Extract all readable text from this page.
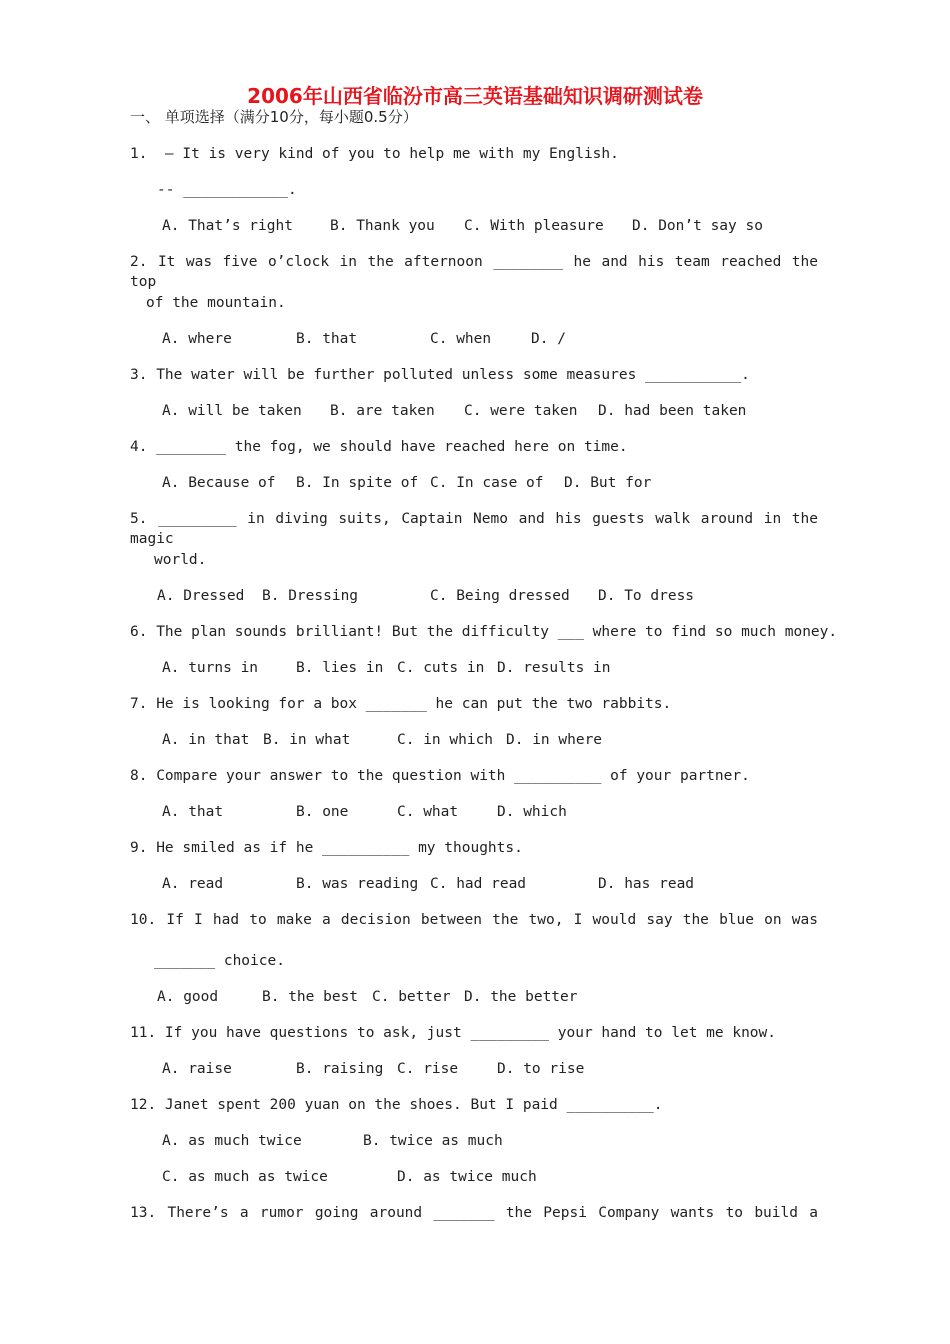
2006年山西省临汾市高三英语基础知识调研测试卷
一、 单项选择（满分10分，每小题0.5分）
1.  – It is very kind of you to help me with my English.
-- ____________.
A. That’s right	B. Thank you C. With pleasure D. Don’t say so
2. It was five o’clock in the afternoon ________ he and his team reached the top
of the mountain.
A. where	B. that	C. when	D. /
3. The water will be further polluted unless some measures ___________.
A. will be taken B. are taken C. were taken D. had been taken
4. ________ the fog, we should have reached here on time.
A. Because of B. In spite of C. In case of D. But for
5. _________ in diving suits, Captain Nemo and his guests walk around in the magic
world.
A. Dressed B. Dressing	C. Being dressed D. To dress
6. The plan sounds brilliant! But the difficulty ___ where to find so much money.
A. turns in	B. lies in C. cuts in D. results in
7. He is looking for a box _______ he can put the two rabbits.
A. in that B. in what	C. in which D. in where
8. Compare your answer to the question with __________ of your partner.
A. that	B. one	C. what	D. which
9. He smiled as if he __________ my thoughts.
A. read	B. was reading C. had read	D. has read
10. If I had to make a decision between the two, I would say the blue on was
_______ choice.
A. good	B. the best C. better D. the better
11. If you have questions to ask, just _________ your hand to let me know.
A. raise	B. raising C. rise	D. to rise
12. Janet spent 200 yuan on the shoes. But I paid __________.
A. as much twice	B. twice as much
C. as much as twice	D. as twice much
13. There’s a rumor going around _______ the Pepsi Company wants to build a
